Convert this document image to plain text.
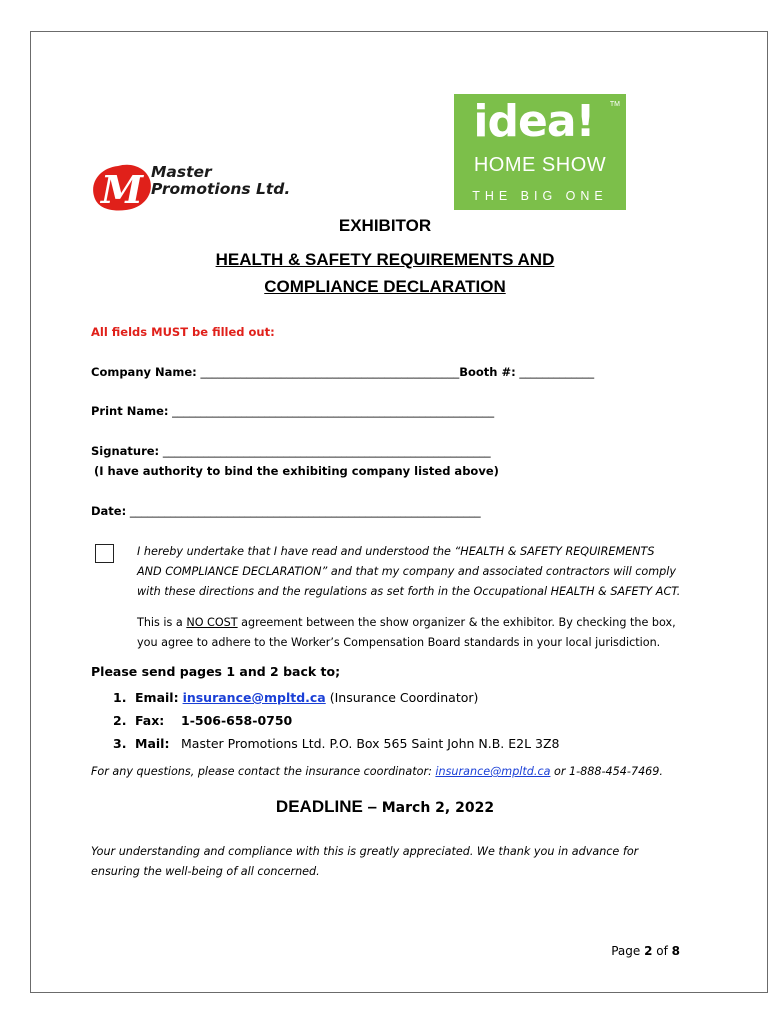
M Master
Promotions Ltd.
idea!	TM
HOME SHOW
THE BIG ONE
EXHIBITOR
HEALTH & SAFETY REQUIREMENTS AND
COMPLIANCE DECLARATION
All fields MUST be filled out:
Company Name: _____________________________________________Booth #: _____________
Print Name: ________________________________________________________
Signature: _________________________________________________________
(I have authority to bind the exhibiting company listed above)
Date: _____________________________________________________________
I hereby undertake that I have read and understood the “HEALTH & SAFETY REQUIREMENTS
AND COMPLIANCE DECLARATION” and that my company and associated contractors will comply
with these directions and the regulations as set forth in the Occupational HEALTH & SAFETY ACT.
This is a NO COST agreement between the show organizer & the exhibitor. By checking the box,
you agree to adhere to the Worker’s Compensation Board standards in your local jurisdiction.
Please send pages 1 and 2 back to;
1. Email: insurance@mpltd.ca (Insurance Coordinator)
2. Fax: 1-506-658-0750
3. Mail: Master Promotions Ltd. P.O. Box 565 Saint John N.B. E2L 3Z8
For any questions, please contact the insurance coordinator: insurance@mpltd.ca or 1-888-454-7469.
DEADLINE – March 2, 2022
Your understanding and compliance with this is greatly appreciated. We thank you in advance for
ensuring the well-being of all concerned.
Page 2 of 8
